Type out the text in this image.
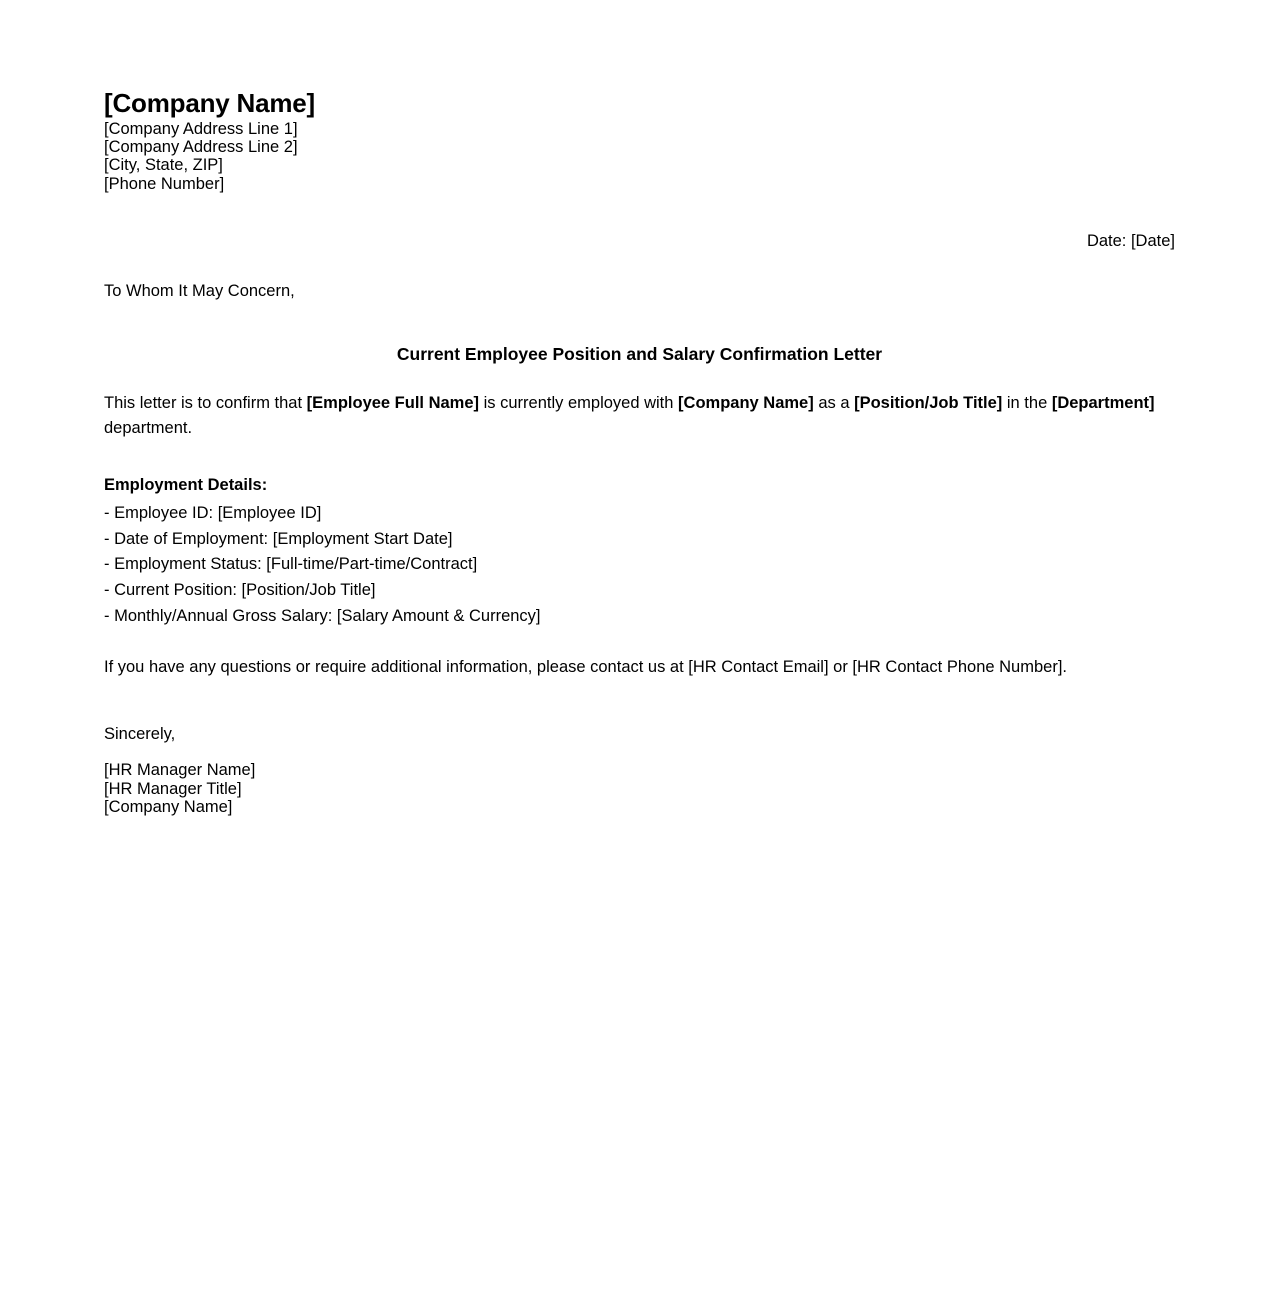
[Company Name]
[Company Address Line 1]
[Company Address Line 2]
[City, State, ZIP]
[Phone Number]
Date: [Date]
To Whom It May Concern,
Current Employee Position and Salary Confirmation Letter

This letter is to confirm that [Employee Full Name] is currently employed with [Company Name] as a [Position/Job Title] in the [Department] department.

Employment Details:
- Employee ID: [Employee ID]
- Date of Employment: [Employment Start Date]
- Employment Status: [Full-time/Part-time/Contract]
- Current Position: [Position/Job Title]
- Monthly/Annual Gross Salary: [Salary Amount & Currency]
If you have any questions or require additional information, please contact us at [HR Contact Email] or [HR Contact Phone Number].
Sincerely,
[HR Manager Name]
[HR Manager Title]
[Company Name]
